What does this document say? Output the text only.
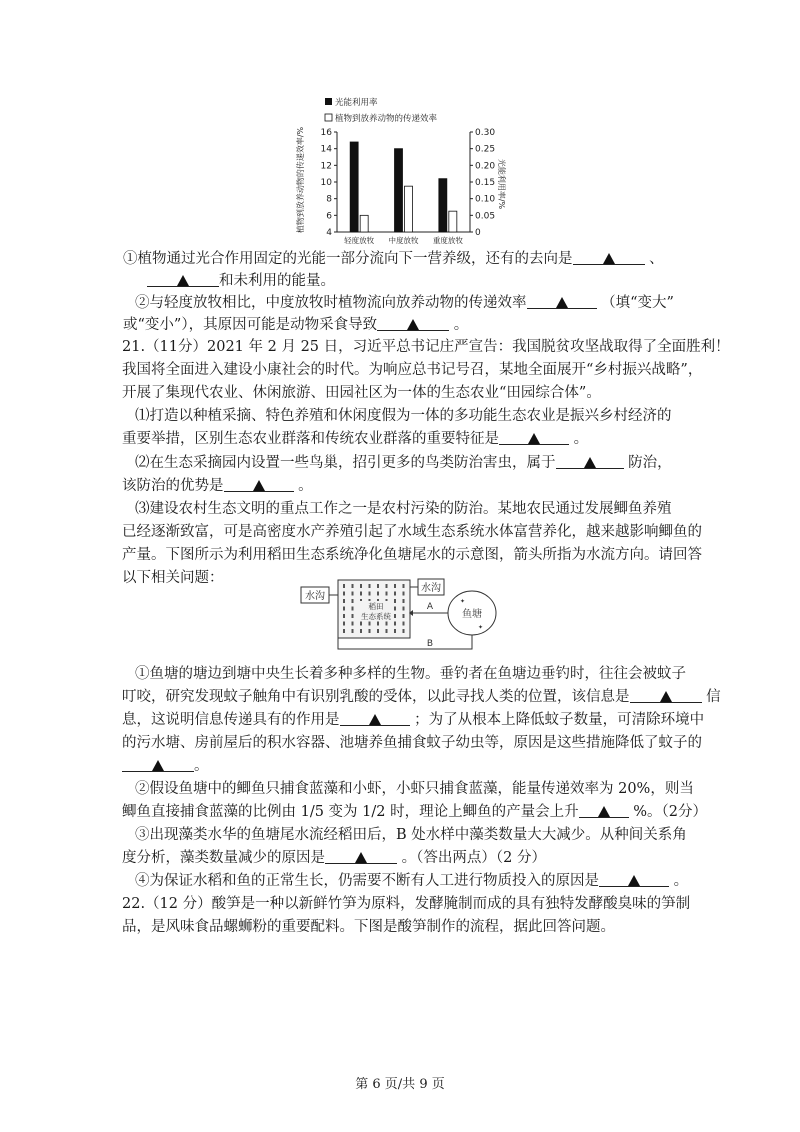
光能利用率
植物到放养动物的传递效率
植物到放养动物的传递效率/%	光能利用率/%
4
6
8
10
12
14
16
0
0.05
0.10
0.15
0.20
0.25
0.30
轻度放牧 中度放牧 重度放牧
①植物通过光合作用固定的光能一部分流向下一营养级，还有的去向是	、
和未利用的能量。
②与轻度放牧相比，中度放牧时植物流向放养动物的传递效率	（填“变大”
或“变小”），其原因可能是动物采食导致	。
21.（11分）2021 年 2 月 25 日，习近平总书记庄严宣告：我国脱贫攻坚战取得了全面胜利！
我国将全面进入建设小康社会的时代。为响应总书记号召，某地全面展开“乡村振兴战略”，
开展了集现代农业、休闲旅游、田园社区为一体的生态农业“田园综合体”。
⑴打造以种植采摘、特色养殖和休闲度假为一体的多功能生态农业是振兴乡村经济的
重要举措，区别生态农业群落和传统农业群落的重要特征是	。
⑵在生态采摘园内设置一些鸟巢，招引更多的鸟类防治害虫，属于	防治，
该防治的优势是	。
⑶建设农村生态文明的重点工作之一是农村污染的防治。某地农民通过发展鲫鱼养殖
已经逐渐致富，可是高密度水产养殖引起了水域生态系统水体富营养化，越来越影响鲫鱼的
产量。下图所示为利用稻田生态系统净化鱼塘尾水的示意图，箭头所指为水流方向。请回答
以下相关问题：
水沟
稻田
生态系统
水沟
A
鱼塘
B
✦
✦
①鱼塘的塘边到塘中央生长着多种多样的生物。垂钓者在鱼塘边垂钓时，往往会被蚊子
叮咬，研究发现蚊子触角中有识别乳酸的受体，以此寻找人类的位置，该信息是	信
息，这说明信息传递具有的作用是	；为了从根本上降低蚊子数量，可清除环境中
的污水塘、房前屋后的积水容器、池塘养鱼捕食蚊子幼虫等，原因是这些措施降低了蚊子的
。
②假设鱼塘中的鲫鱼只捕食蓝藻和小虾，小虾只捕食蓝藻，能量传递效率为 20%，则当
鲫鱼直接捕食蓝藻的比例由 1/5 变为 1/2 时，理论上鲫鱼的产量会上升	%。（2分）
③出现藻类水华的鱼塘尾水流经稻田后，B 处水样中藻类数量大大减少。从种间关系角
度分析，藻类数量减少的原因是	。（答出两点）（2 分）
④为保证水稻和鱼的正常生长，仍需要不断有人工进行物质投入的原因是	。
22.（12 分）酸笋是一种以新鲜竹笋为原料，发酵腌制而成的具有独特发酵酸臭味的笋制
品，是风味食品螺蛳粉的重要配料。下图是酸笋制作的流程，据此回答问题。
第 6 页/共 9 页
